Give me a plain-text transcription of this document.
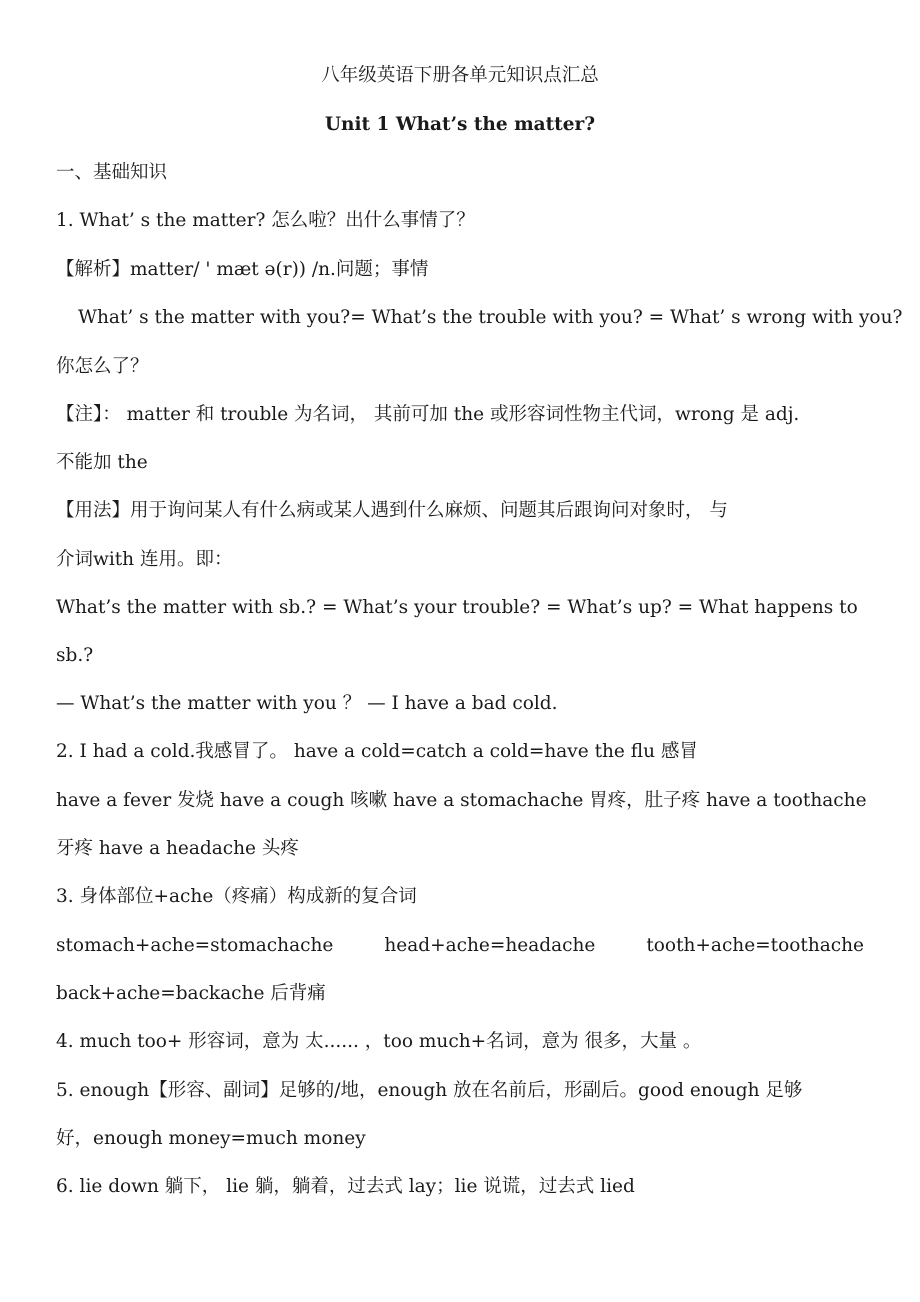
八年级英语下册各单元知识点汇总
Unit 1 What’s the matter?
一、基础知识
1. What’ s the matter? 怎么啦？出什么事情了？
【解析】matter/ ' mæt ə(r)) /n.问题；事情
What’ s the matter with you?= What’s the trouble with you? = What’ s wrong with you?
你怎么了？
【注】： matter 和 trouble 为名词， 其前可加 the 或形容词性物主代词，wrong 是 adj.
不能加 the
【用法】用于询问某人有什么病或某人遇到什么麻烦、问题其后跟询问对象时， 与
介词with 连用。即：
What’s the matter with sb.? = What’s your trouble? = What’s up? = What happens to
sb.?
— What’s the matter with you ？ — I have a bad cold.
2. I had a cold.我感冒了。 have a cold=catch a cold=have the flu 感冒
have a fever 发烧 have a cough 咳嗽 have a stomachache 胃疼，肚子疼 have a toothache
牙疼 have a headache 头疼
3. 身体部位+ache（疼痛）构成新的复合词
stomach+ache=stomachache	head+ache=headache	tooth+ache=toothache
back+ache=backache 后背痛
4. much too+ 形容词，意为 太...... ，too much+名词，意为 很多，大量 。
5. enough【形容、副词】足够的/地，enough 放在名前后，形副后。good enough 足够
好，enough money=much money
6. lie down 躺下， lie 躺，躺着，过去式 lay；lie 说谎，过去式 lied
